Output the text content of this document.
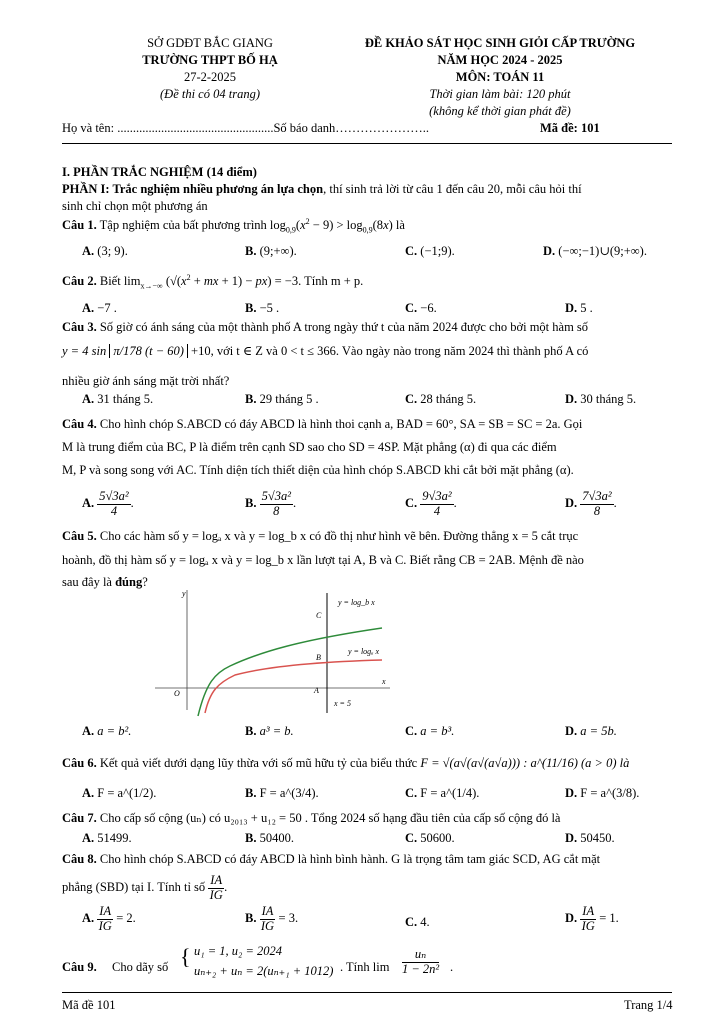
SỞ GDĐT BẮC GIANG
TRƯỜNG THPT BỐ HẠ
27-2-2025
(Đề thi có 04 trang)
ĐỀ KHẢO SÁT HỌC SINH GIỎI CẤP TRƯỜNG
NĂM HỌC 2024 - 2025
MÔN: TOÁN 11
Thời gian làm bài: 120 phút
(không kể thời gian phát đề)
Họ và tên: ..................................................Số báo danh…………………..	Mã đề: 101
I. PHẦN TRẮC NGHIỆM (14 điểm)
PHẦN I: Trắc nghiệm nhiều phương án lựa chọn, thí sinh trả lời từ câu 1 đến câu 20, mỗi câu hỏi thí
sinh chỉ chọn một phương án
Câu 1. Tập nghiệm của bất phương trình $\log_{0,9}(x^2 - 9) > \log_{0,9}(8x)$ là
A. (3; 9).	B. (9;+∞).	C. (−1;9).	D. (−∞;−1)∪(9;+∞).
Câu 2. Biết $\lim_{x\to-\infty} (√(x^2$ + mx + 1) − px) = −3. Tính m + p.
A. −7 .	B. −5 .	C. −6.	D. 5 .
Câu 3. Số giờ có ánh sáng của một thành phố A trong ngày thứ t của năm 2024 được cho bởi một hàm số
y = 4 sin π/178 (t − 60) +10, với t ∈ Z và 0 < t ≤ 366. Vào ngày nào trong năm 2024 thì thành phố A có
nhiều giờ ánh sáng mặt trời nhất?
A. 31 tháng 5.	B. 29 tháng 5 .	C. 28 tháng 5.	D. 30 tháng 5.
Câu 4. Cho hình chóp S.ABCD có đáy ABCD là hình thoi cạnh a, BAD = 60°, SA = SB = SC = 2a. Gọi
M là trung điểm của BC, P là điểm trên cạnh SD sao cho SD = 4SP. Mặt phẳng (α) đi qua các điểm
M, P và song song với AC. Tính diện tích thiết diện của hình chóp S.ABCD khi cắt bởi mặt phẳng (α).
A. $\frac{\text{5√3a²}}{4}$ .	B. $\frac{\text{5√3a²}}{8}$ .	C. $\frac{\text{9√3a²}}{4}$ .	D. $\frac{\text{7√3a²}}{8}$ .
Câu 5. Cho các hàm số y = logₐ x và y = log_b x có đồ thị như hình vẽ bên. Đường thẳng x = 5 cắt trục
hoành, đồ thị hàm số y = logₐ x và y = log_b x lần lượt tại A, B và C. Biết rằng CB = 2AB. Mệnh đề nào
sau đây là đúng?
y = log_b x
y = logₐ x
x = 5
y
x
O	A
B
C
A. a = b².	B. a³ = b.	C. a = b³.	D. a = 5b.
Câu 6. Kết quả viết dưới dạng lũy thừa với số mũ hữu tỷ của biểu thức F = √(a√(a√(a√a))) : a^(11/16) (a > 0) là
A. F = a^(1/2).	B. F = a^(3/4).	C. F = a^(1/4).	D. F = a^(3/8).
Câu 7. Cho cấp số cộng (uₙ) có u₂₀₁₃ + u₁₂ = 50 . Tổng 2024 số hạng đầu tiên của cấp số cộng đó là
A. 51499.	B. 50400.	C. 50600.	D. 50450.
Câu 8. Cho hình chóp S.ABCD có đáy ABCD là hình bình hành. G là trọng tâm tam giác SCD, AG cắt mặt
phẳng (SBD) tại I. Tính tỉ số $\frac{IA}{IG}$ .
A. $\frac{IA}{IG} = 2$.	B. $\frac{IA}{IG} = 3$.	C. 4.	D. $\frac{IA}{IG} = 1$.
Câu 9. Cho dãy số { u₁ = 1, u₂ = 2024
uₙ₊₂ + uₙ = 2(uₙ₊₁ + 1012) . Tính $\lim \frac{\text{uₙ}}{\text{1 − 2n²}}$ .
Mã đề 101	Trang 1/4
